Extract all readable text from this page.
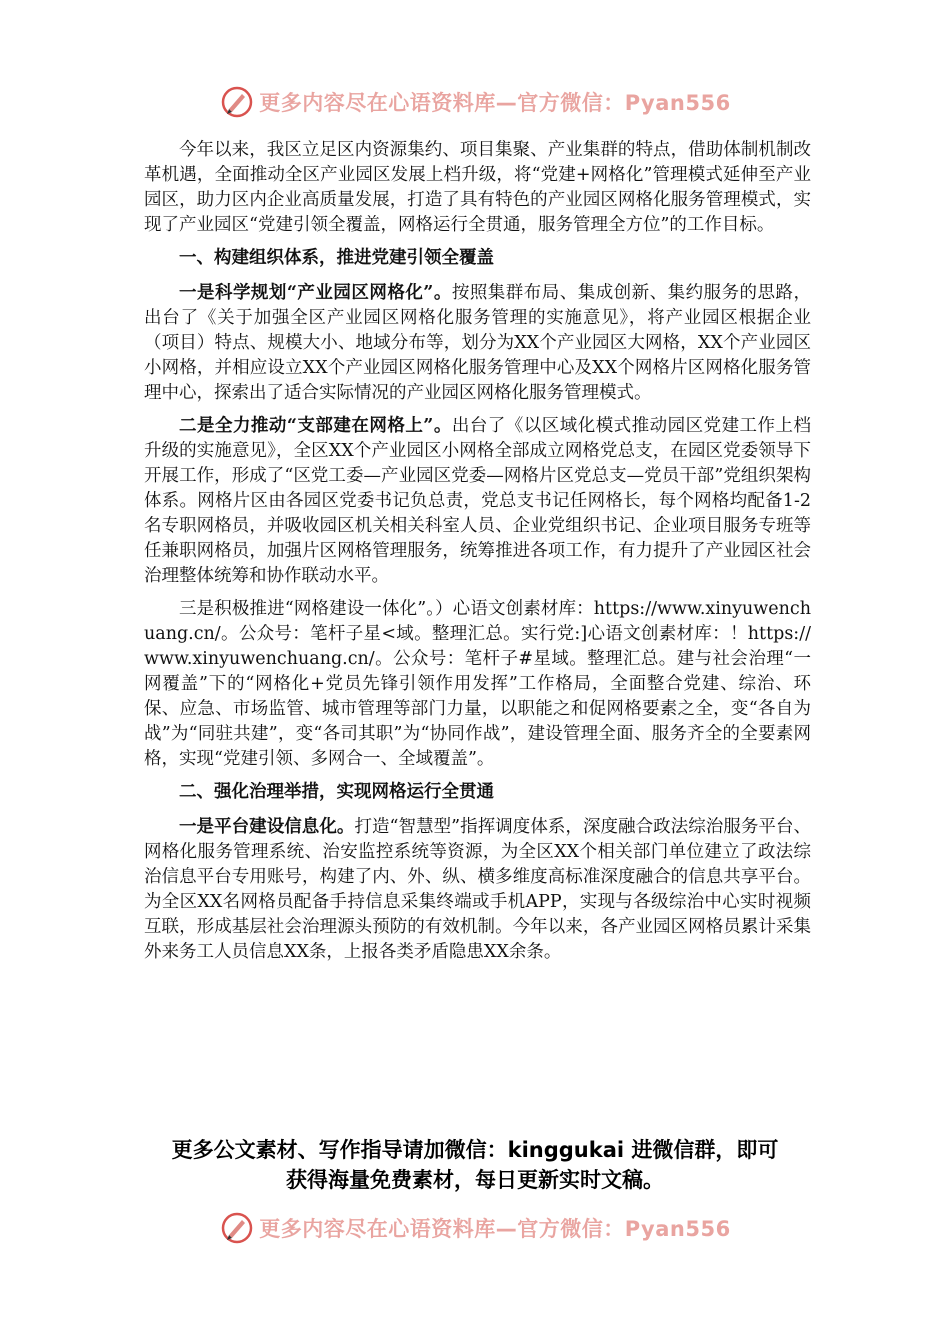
更多内容尽在心语资料库—官方微信：Pyan556

今年以来，我区立足区内资源集约、项目集聚、产业集群的特点，借助体制机制改革机遇，全面推动全区产业园区发展上档升级，将“党建+网格化”管理模式延伸至产业园区，助力区内企业高质量发展，打造了具有特色的产业园区网格化服务管理模式，实现了产业园区“党建引领全覆盖，网格运行全贯通，服务管理全方位”的工作目标。

一、构建组织体系，推进党建引领全覆盖

一是科学规划“产业园区网格化”。按照集群布局、集成创新、集约服务的思路，出台了《关于加强全区产业园区网格化服务管理的实施意见》，将产业园区根据企业（项目）特点、规模大小、地域分布等，划分为XX个产业园区大网格，XX个产业园区小网格，并相应设立XX个产业园区网格化服务管理中心及XX个网格片区网格化服务管理中心，探索出了适合实际情况的产业园区网格化服务管理模式。

二是全力推动“支部建在网格上”。出台了《以区域化模式推动园区党建工作上档升级的实施意见》，全区XX个产业园区小网格全部成立网格党总支，在园区党委领导下开展工作，形成了“区党工委—产业园区党委—网格片区党总支—党员干部”党组织架构体系。网格片区由各园区党委书记负总责，党总支书记任网格长，每个网格均配备1-2名专职网格员，并吸收园区机关相关科室人员、企业党组织书记、企业项目服务专班等任兼职网格员，加强片区网格管理服务，统筹推进各项工作，有力提升了产业园区社会治理整体统筹和协作联动水平。

三是积极推进“网格建设一体化”。）心语文创素材库：https://www.xinyuwenchuang.cn/。公众号：笔杆子星<域。整理汇总。实行党:]心语文创素材库：！https://www.xinyuwenchuang.cn/。公众号：笔杆子#星域。整理汇总。建与社会治理“一网覆盖”下的“网格化+党员先锋引领作用发挥”工作格局，全面整合党建、综治、环保、应急、市场监管、城市管理等部门力量，以职能之和促网格要素之全，变“各自为战”为“同驻共建”，变“各司其职”为“协同作战”，建设管理全面、服务齐全的全要素网格，实现“党建引领、多网合一、全域覆盖”。

二、强化治理举措，实现网格运行全贯通

一是平台建设信息化。打造“智慧型”指挥调度体系，深度融合政法综治服务平台、网格化服务管理系统、治安监控系统等资源，为全区XX个相关部门单位建立了政法综治信息平台专用账号，构建了内、外、纵、横多维度高标准深度融合的信息共享平台。为全区XX名网格员配备手持信息采集终端或手机APP，实现与各级综治中心实时视频互联，形成基层社会治理源头预防的有效机制。今年以来，各产业园区网格员累计采集外来务工人员信息XX条，上报各类矛盾隐患XX余条。

更多公文素材、写作指导请加微信：kinggukai 进微信群，即可
获得海量免费素材，每日更新实时文稿。
更多内容尽在心语资料库—官方微信：Pyan556
